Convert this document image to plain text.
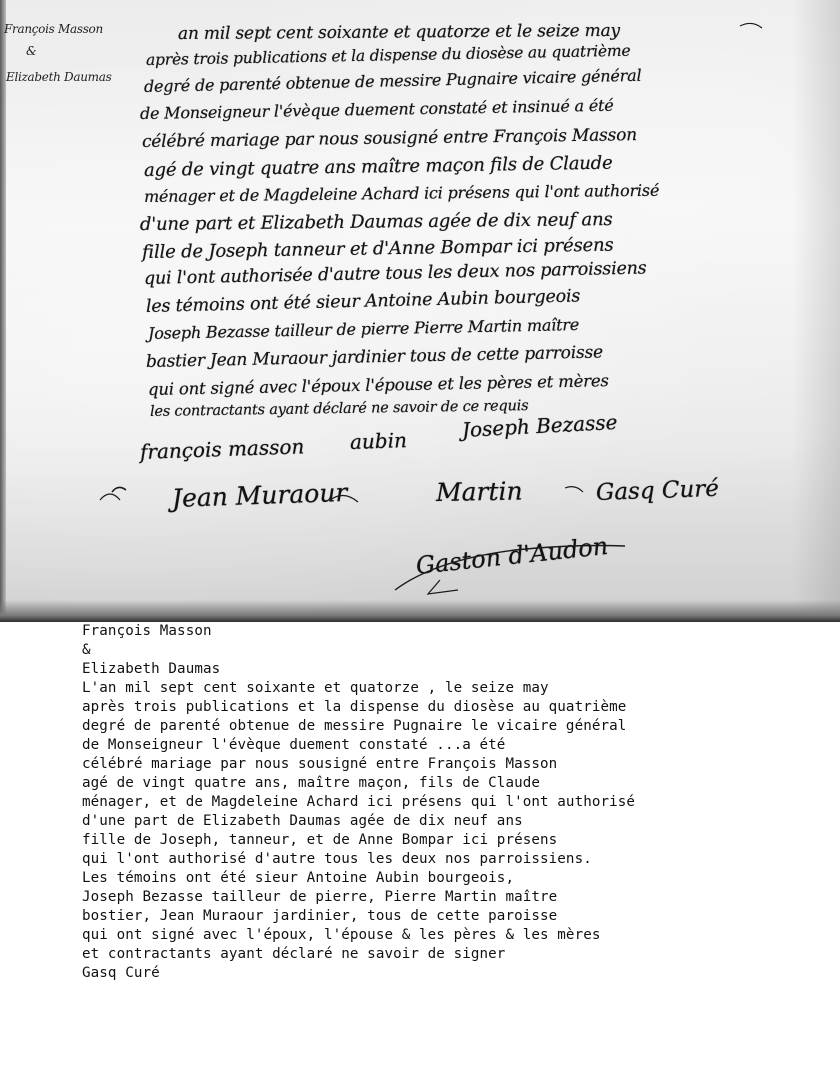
François Masson
&
Elizabeth Daumas
an mil sept cent soixante et quatorze et le seize may
après trois publications et la dispense du diosèse au quatrième
degré de parenté obtenue de messire Pugnaire vicaire général
de Monseigneur l'évèque duement constaté et insinué a été
célébré mariage par nous sousigné entre François Masson
agé de vingt quatre ans maître maçon fils de Claude
ménager et de Magdeleine Achard ici présens qui l'ont authorisé
d'une part et Elizabeth Daumas agée de dix neuf ans
fille de Joseph tanneur et d'Anne Bompar ici présens
qui l'ont authorisée d'autre tous les deux nos parroissiens
les témoins ont été sieur Antoine Aubin bourgeois
Joseph Bezasse tailleur de pierre Pierre Martin maître
bastier Jean Muraour jardinier tous de cette parroisse
qui ont signé avec l'époux l'épouse et les pères et mères
les contractants ayant déclaré ne savoir de ce requis
françois masson aubin	Joseph Bezasse
Jean Muraour	Martin	Gasq Curé
Gaston d'Audon
François Masson
&
Elizabeth Daumas
L'an mil sept cent soixante et quatorze , le seize may
après trois publications et la dispense du diosèse au quatrième
degré de parenté obtenue de messire Pugnaire le vicaire général
de Monseigneur l'évèque duement constaté ...a été
célébré mariage par nous sousigné entre François Masson
agé de vingt quatre ans, maître maçon, fils de Claude
ménager, et de Magdeleine Achard ici présens qui l'ont authorisé
d'une part de Elizabeth Daumas agée de dix neuf ans
fille de Joseph, tanneur, et de Anne Bompar ici présens
qui l'ont authorisé d'autre tous les deux nos parroissiens.
Les témoins ont été sieur Antoine Aubin bourgeois,
Joseph Bezasse tailleur de pierre, Pierre Martin maître
bostier, Jean Muraour jardinier, tous de cette paroisse
qui ont signé avec l'époux, l'épouse & les pères & les mères
et contractants ayant déclaré ne savoir de signer
Gasq Curé
